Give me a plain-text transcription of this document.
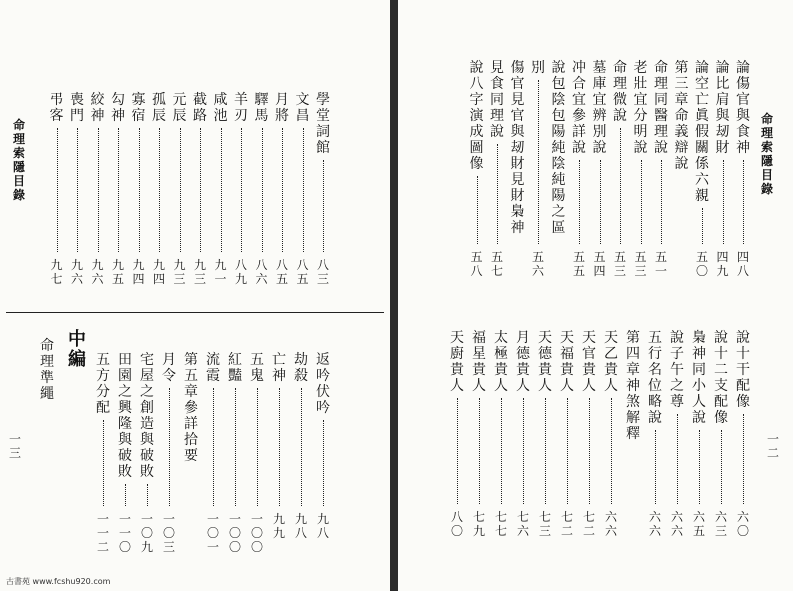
命理索隱 目錄
中編
命理準繩
一三
學堂詞館
八三
文昌
八五
月將
八五
驛馬
八六
羊刃
八九
咸池
九一
截路
九三
元辰
九三
孤辰
九四
寡宿
九四
勾神
九五
絞神
九六
喪門
九六
弔客
九七
返吟伏吟
九八
劫殺
九八
亡神
九九
五鬼
一〇〇
紅豔
一〇〇
流霞
一〇一
第五章 參詳拾要
月令
一〇三
宅屋之創造與破敗
一〇九
田園之興隆與破敗
一一〇
五方分配
一一二
命理索隱 目錄
一二
論傷官與食神
四八
論比肩與刼財
四九
論空亡眞假關係六親
五〇
第三章 命義辯說
命理同醫理說
五一
老壯宜分明說
五三
命理微說
五三
墓庫宜辨別說
五四
冲合宜參詳說
五五
說包陰包陽純陰純陽之區
別
五六
傷官見官與刼財見財梟神
見食同理說
五七
說八字演成圖像
五八
說十干配像
六〇
說十二支配像
六三
梟神同小人說
六五
說子午之尊
六六
五行名位略說
六六
第四章 神煞解釋
天乙貴人
六六
天官貴人
七二
天福貴人
七二
天德貴人
七三
月德貴人
七六
太極貴人
七七
福星貴人
七九
天廚貴人
八〇
古書苑 www.fcshu920.com
